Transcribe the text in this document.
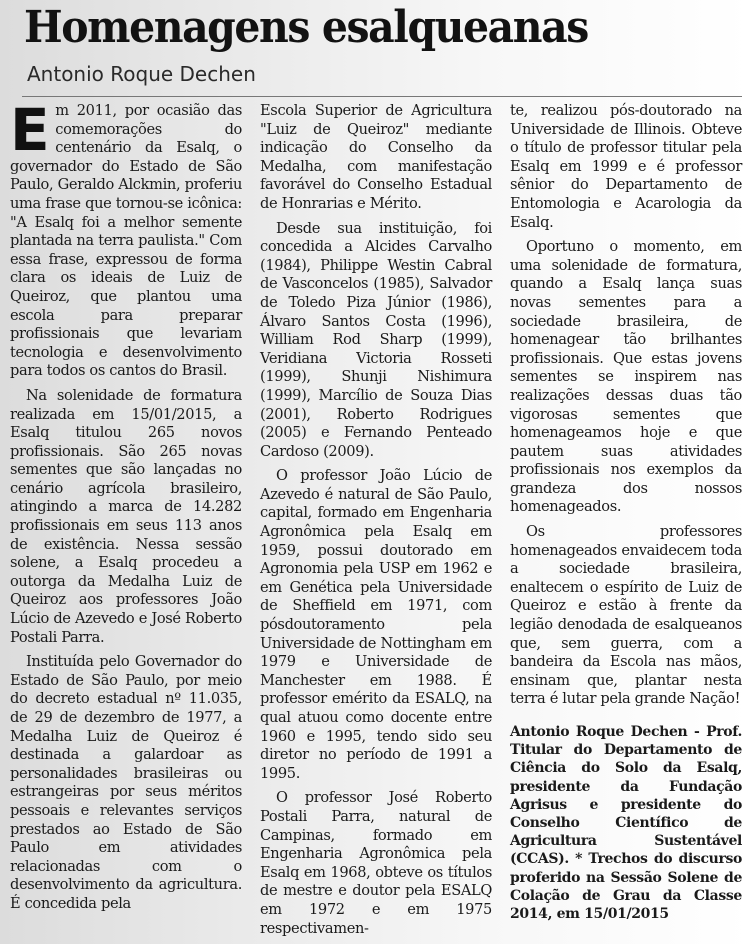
Homenagens esalqueanas
Antonio Roque Dechen

Em 2011, por ocasião das comemorações do centenário da Esalq, o governador do Estado de São Paulo, Geraldo Alckmin, proferiu uma frase que tornou-se icônica: "A Esalq foi a melhor semente plantada na terra paulista." Com essa frase, expressou de forma clara os ideais de Luiz de Queiroz, que plantou uma escola para preparar profissionais que levariam tecnologia e desenvolvimento para todos os cantos do Brasil.

Na solenidade de formatura realizada em 15/01/2015, a Esalq titulou 265 novos profissionais. São 265 novas sementes que são lançadas no cenário agrícola brasileiro, atingindo a marca de 14.282 profissionais em seus 113 anos de existência. Nessa sessão solene, a Esalq procedeu a outorga da Medalha Luiz de Queiroz aos professores João Lúcio de Azevedo e José Roberto Postali Parra.

Instituída pelo Governador do Estado de São Paulo, por meio do decreto estadual nº 11.035, de 29 de dezembro de 1977, a Medalha Luiz de Queiroz é destinada a galardoar as personalidades brasileiras ou estrangeiras por seus méritos pessoais e relevantes serviços prestados ao Estado de São Paulo em atividades relacionadas com o desenvolvimento da agricultura. É concedida pela

Escola Superior de Agricultura "Luiz de Queiroz" mediante indicação do Conselho da Medalha, com manifestação favorável do Conselho Estadual de Honrarias e Mérito.

Desde sua instituição, foi concedida a Alcides Carvalho (1984), Philippe Westin Cabral de Vasconcelos (1985), Salvador de Toledo Piza Júnior (1986), Álvaro Santos Costa (1996), William Rod Sharp (1999), Veridiana Victoria Rosseti (1999), Shunji Nishimura (1999), Marcílio de Souza Dias (2001), Roberto Rodrigues (2005) e Fernando Penteado Cardoso (2009).

O professor João Lúcio de Azevedo é natural de São Paulo, capital, formado em Engenharia Agronômica pela Esalq em 1959, possui doutorado em Agronomia pela USP em 1962 e em Genética pela Universidade de Sheffield em 1971, com pósdoutoramento pela Universidade de Nottingham em 1979 e Universidade de Manchester em 1988. É professor emérito da ESALQ, na qual atuou como docente entre 1960 e 1995, tendo sido seu diretor no período de 1991 a 1995.

O professor José Roberto Postali Parra, natural de Campinas, formado em Engenharia Agronômica pela Esalq em 1968, obteve os títulos de mestre e doutor pela ESALQ em 1972 e em 1975 respectivamen-

te, realizou pós-doutorado na Universidade de Illinois. Obteve o título de professor titular pela Esalq em 1999 e é professor sênior do Departamento de Entomologia e Acarologia da Esalq.

Oportuno o momento, em uma solenidade de formatura, quando a Esalq lança suas novas sementes para a sociedade brasileira, de homenagear tão brilhantes profissionais. Que estas jovens sementes se inspirem nas realizações dessas duas tão vigorosas sementes que homenageamos hoje e que pautem suas atividades profissionais nos exemplos da grandeza dos nossos homenageados.

Os professores homenageados envaidecem toda a sociedade brasileira, enaltecem o espírito de Luiz de Queiroz e estão à frente da legião denodada de esalqueanos que, sem guerra, com a bandeira da Escola nas mãos, ensinam que, plantar nesta terra é lutar pela grande Nação!

Antonio Roque Dechen - Prof. Titular do Departamento de Ciência do Solo da Esalq, presidente da Fundação Agrisus e presidente do Conselho Científico de Agricultura Sustentável (CCAS). * Trechos do discurso proferido na Sessão Solene de Colação de Grau da Classe 2014, em 15/01/2015
